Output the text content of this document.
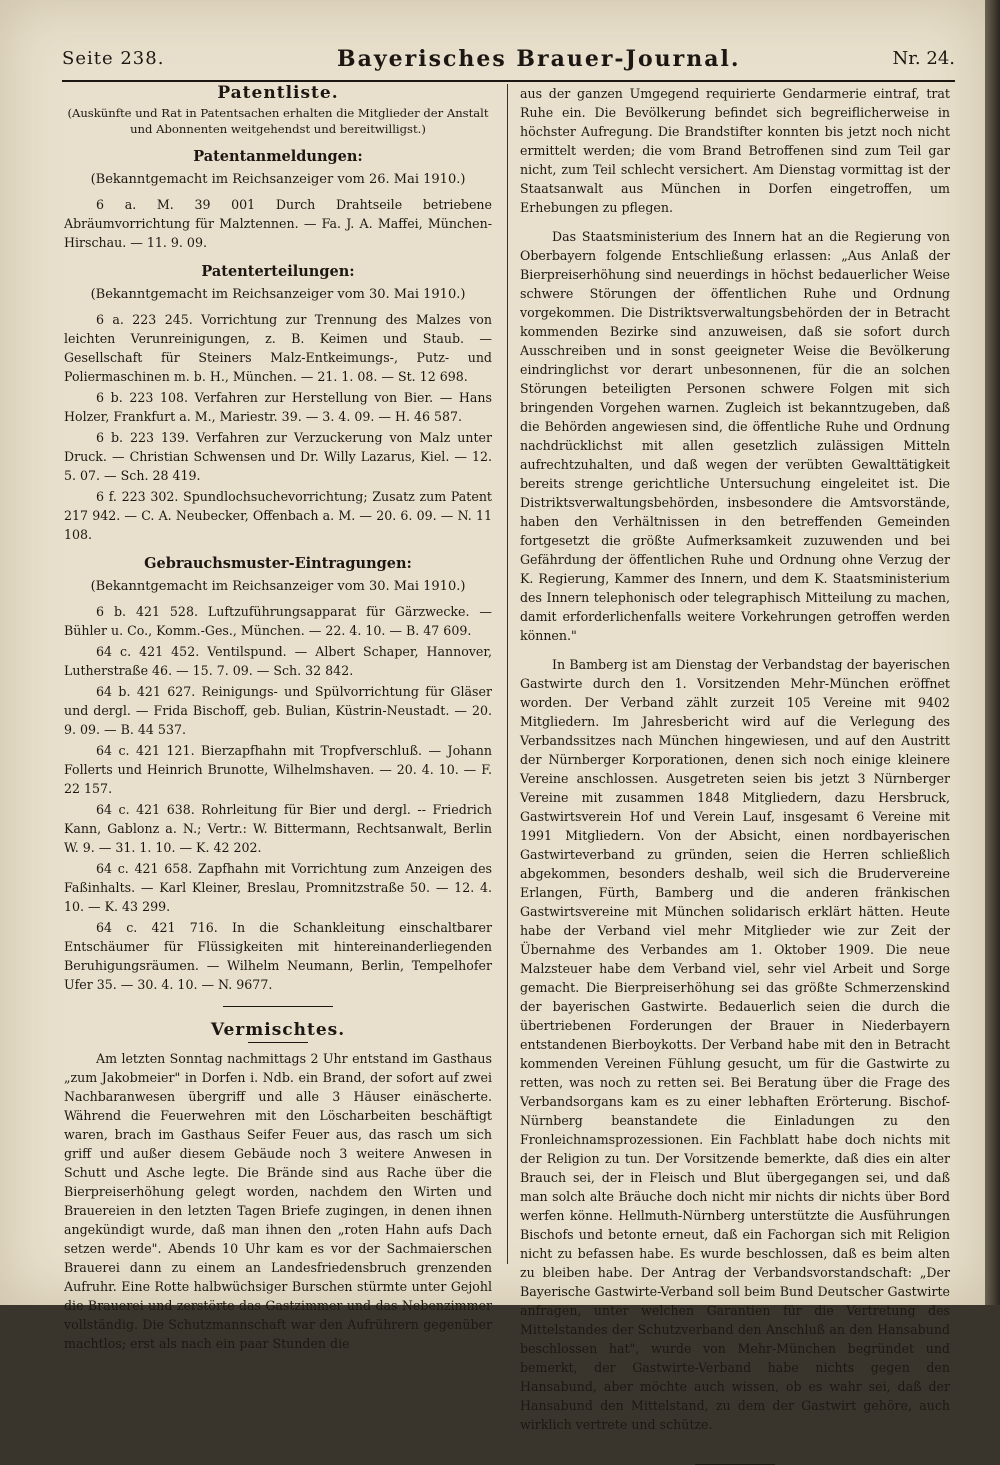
Seite 238.	Bayerisches Brauer-Journal.	Nr. 24.
Patentliste.
(Auskünfte und Rat in Patentsachen erhalten die Mitglieder der Anstalt und Abonnenten weitgehendst und bereitwilligst.)
Patentanmeldungen:
(Bekanntgemacht im Reichsanzeiger vom 26. Mai 1910.)

6 a. M. 39 001 Durch Drahtseile betriebene Abräumvorrichtung für Malztennen. — Fa. J. A. Maffei, München-Hirschau. — 11. 9. 09.

Patenterteilungen:
(Bekanntgemacht im Reichsanzeiger vom 30. Mai 1910.)

6 a. 223 245. Vorrichtung zur Trennung des Malzes von leichten Verunreinigungen, z. B. Keimen und Staub. — Gesellschaft für Steiners Malz-Entkeimungs-, Putz- und Poliermaschinen m. b. H., München. — 21. 1. 08. — St. 12 698.

6 b. 223 108. Verfahren zur Herstellung von Bier. — Hans Holzer, Frankfurt a. M., Mariestr. 39. — 3. 4. 09. — H. 46 587.

6 b. 223 139. Verfahren zur Verzuckerung von Malz unter Druck. — Christian Schwensen und Dr. Willy Lazarus, Kiel. — 12. 5. 07. — Sch. 28 419.

6 f. 223 302. Spundlochsuchevorrichtung; Zusatz zum Patent 217 942. — C. A. Neubecker, Offenbach a. M. — 20. 6. 09. — N. 11 108.

Gebrauchsmuster-Eintragungen:
(Bekanntgemacht im Reichsanzeiger vom 30. Mai 1910.)

6 b. 421 528. Luftzuführungsapparat für Gärzwecke. — Bühler u. Co., Komm.-Ges., München. — 22. 4. 10. — B. 47 609.

64 c. 421 452. Ventilspund. — Albert Schaper, Hannover, Lutherstraße 46. — 15. 7. 09. — Sch. 32 842.

64 b. 421 627. Reinigungs- und Spülvorrichtung für Gläser und dergl. — Frida Bischoff, geb. Bulian, Küstrin-Neustadt. — 20. 9. 09. — B. 44 537.

64 c. 421 121. Bierzapfhahn mit Tropfverschluß. — Johann Follerts und Heinrich Brunotte, Wilhelmshaven. — 20. 4. 10. — F. 22 157.

64 c. 421 638. Rohrleitung für Bier und dergl. -- Friedrich Kann, Gablonz a. N.; Vertr.: W. Bittermann, Rechtsanwalt, Berlin W. 9. — 31. 1. 10. — K. 42 202.

64 c. 421 658. Zapfhahn mit Vorrichtung zum Anzeigen des Faßinhalts. — Karl Kleiner, Breslau, Promnitzstraße 50. — 12. 4. 10. — K. 43 299.

64 c. 421 716. In die Schankleitung einschaltbarer Entschäumer für Flüssigkeiten mit hintereinanderliegenden Beruhigungsräumen. — Wilhelm Neumann, Berlin, Tempelhofer Ufer 35. — 30. 4. 10. — N. 9677.

Vermischtes.

Am letzten Sonntag nachmittags 2 Uhr entstand im Gasthaus „zum Jakobmeier" in Dorfen i. Ndb. ein Brand, der sofort auf zwei Nachbaranwesen übergriff und alle 3 Häuser einäscherte. Während die Feuerwehren mit den Löscharbeiten beschäftigt waren, brach im Gasthaus Seifer Feuer aus, das rasch um sich griff und außer diesem Gebäude noch 3 weitere Anwesen in Schutt und Asche legte. Die Brände sind aus Rache über die Bierpreiserhöhung gelegt worden, nachdem den Wirten und Brauereien in den letzten Tagen Briefe zugingen, in denen ihnen angekündigt wurde, daß man ihnen den „roten Hahn aufs Dach setzen werde". Abends 10 Uhr kam es vor der Sachmaierschen Brauerei dann zu einem an Landesfriedensbruch grenzenden Aufruhr. Eine Rotte halbwüchsiger Burschen stürmte unter Gejohl die Brauerei und zerstörte das Gastzimmer und das Nebenzimmer vollständig. Die Schutzmannschaft war den Aufrührern gegenüber machtlos; erst als nach ein paar Stunden die

aus der ganzen Umgegend requirierte Gendarmerie eintraf, trat Ruhe ein. Die Bevölkerung befindet sich begreiflicherweise in höchster Aufregung. Die Brandstifter konnten bis jetzt noch nicht ermittelt werden; die vom Brand Betroffenen sind zum Teil gar nicht, zum Teil schlecht versichert. Am Dienstag vormittag ist der Staatsanwalt aus München in Dorfen eingetroffen, um Erhebungen zu pflegen.

Das Staatsministerium des Innern hat an die Regierung von Oberbayern folgende Entschließung erlassen: „Aus Anlaß der Bierpreiserhöhung sind neuerdings in höchst bedauerlicher Weise schwere Störungen der öffentlichen Ruhe und Ordnung vorgekommen. Die Distriktsverwaltungsbehörden der in Betracht kommenden Bezirke sind anzuweisen, daß sie sofort durch Ausschreiben und in sonst geeigneter Weise die Bevölkerung eindringlichst vor derart unbesonnenen, für die an solchen Störungen beteiligten Personen schwere Folgen mit sich bringenden Vorgehen warnen. Zugleich ist bekanntzugeben, daß die Behörden angewiesen sind, die öffentliche Ruhe und Ordnung nachdrücklichst mit allen gesetzlich zulässigen Mitteln aufrechtzuhalten, und daß wegen der verübten Gewalttätigkeit bereits strenge gerichtliche Untersuchung eingeleitet ist. Die Distriktsverwaltungsbehörden, insbesondere die Amtsvorstände, haben den Verhältnissen in den betreffenden Gemeinden fortgesetzt die größte Aufmerksamkeit zuzuwenden und bei Gefährdung der öffentlichen Ruhe und Ordnung ohne Verzug der K. Regierung, Kammer des Innern, und dem K. Staatsministerium des Innern telephonisch oder telegraphisch Mitteilung zu machen, damit erforderlichenfalls weitere Vorkehrungen getroffen werden können."

In Bamberg ist am Dienstag der Verbandstag der bayerischen Gastwirte durch den 1. Vorsitzenden Mehr-München eröffnet worden. Der Verband zählt zurzeit 105 Vereine mit 9402 Mitgliedern. Im Jahresbericht wird auf die Verlegung des Verbandssitzes nach München hingewiesen, und auf den Austritt der Nürnberger Korporationen, denen sich noch einige kleinere Vereine anschlossen. Ausgetreten seien bis jetzt 3 Nürnberger Vereine mit zusammen 1848 Mitgliedern, dazu Hersbruck, Gastwirtsverein Hof und Verein Lauf, insgesamt 6 Vereine mit 1991 Mitgliedern. Von der Absicht, einen nordbayerischen Gastwirteverband zu gründen, seien die Herren schließlich abgekommen, besonders deshalb, weil sich die Brudervereine Erlangen, Fürth, Bamberg und die anderen fränkischen Gastwirtsvereine mit München solidarisch erklärt hätten. Heute habe der Verband viel mehr Mitglieder wie zur Zeit der Übernahme des Verbandes am 1. Oktober 1909. Die neue Malzsteuer habe dem Verband viel, sehr viel Arbeit und Sorge gemacht. Die Bierpreiserhöhung sei das größte Schmerzenskind der bayerischen Gastwirte. Bedauerlich seien die durch die übertriebenen Forderungen der Brauer in Niederbayern entstandenen Bierboykotts. Der Verband habe mit den in Betracht kommenden Vereinen Fühlung gesucht, um für die Gastwirte zu retten, was noch zu retten sei. Bei Beratung über die Frage des Verbandsorgans kam es zu einer lebhaften Erörterung. Bischof-Nürnberg beanstandete die Einladungen zu den Fronleichnamsprozessionen. Ein Fachblatt habe doch nichts mit der Religion zu tun. Der Vorsitzende bemerkte, daß dies ein alter Brauch sei, der in Fleisch und Blut übergegangen sei, und daß man solch alte Bräuche doch nicht mir nichts dir nichts über Bord werfen könne. Hellmuth-Nürnberg unterstützte die Ausführungen Bischofs und betonte erneut, daß ein Fachorgan sich mit Religion nicht zu befassen habe. Es wurde beschlossen, daß es beim alten zu bleiben habe. Der Antrag der Verbandsvorstandschaft: „Der Bayerische Gastwirte-Verband soll beim Bund Deutscher Gastwirte anfragen, unter welchen Garantien für die Vertretung des Mittelstandes der Schutzverband den Anschluß an den Hansabund beschlossen hat", wurde von Mehr-München begründet und bemerkt, der Gastwirte-Verband habe nichts gegen den Hansabund, aber möchte auch wissen, ob es wahr sei, daß der Hansabund den Mittelstand, zu dem der Gastwirt gehöre, auch wirklich vertrete und schütze.
